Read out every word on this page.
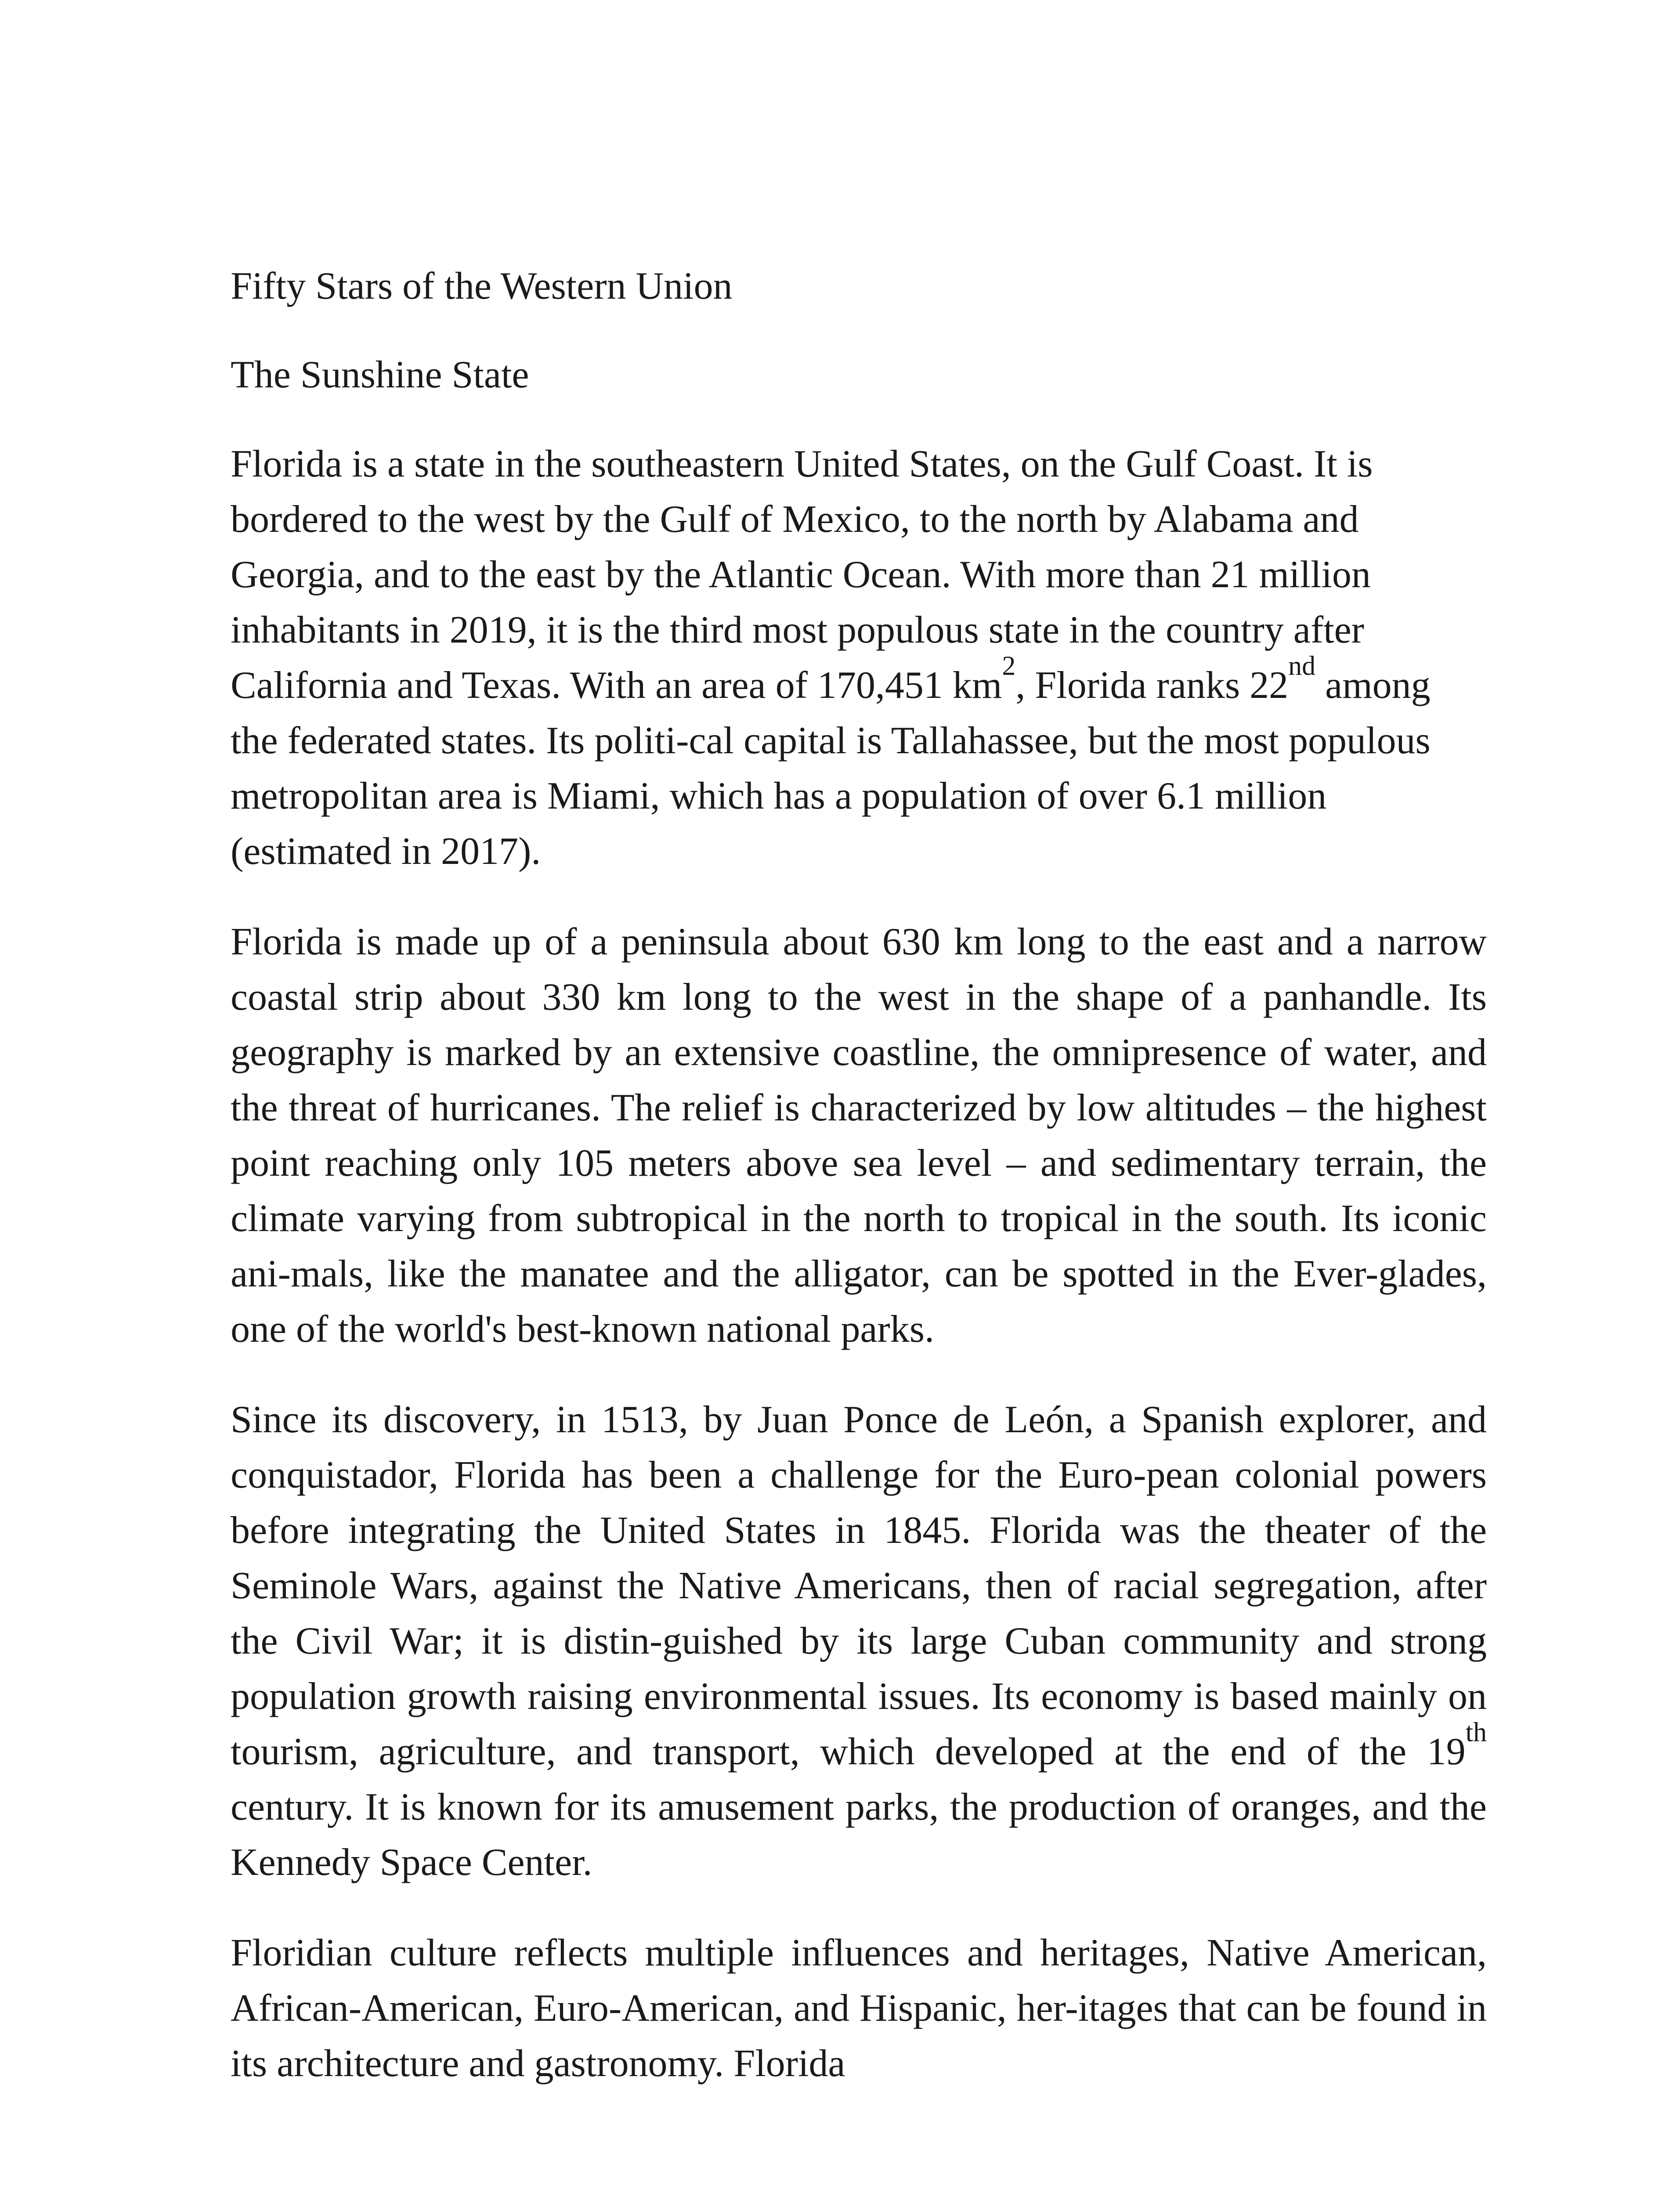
Fifty Stars of the Western Union

The Sunshine State

Florida is a state in the southeastern United States, on the Gulf Coast. It is bordered to the west by the Gulf of Mexico, to the north by Alabama and Georgia, and to the east by the Atlantic Ocean. With more than 21 million inhabitants in 2019, it is the third most populous state in the country after California and Texas. With an area of 170,451 $km^2$, Florida ranks 22nd among the federated states. Its politi-cal capital is Tallahassee, but the most populous metropolitan area is Miami, which has a population of over 6.1 million (estimated in 2017).

Florida is made up of a peninsula about 630 km long to the east and a narrow coastal strip about 330 km long to the west in the shape of a panhandle. Its geography is marked by an extensive coastline, the omnipresence of water, and the threat of hurricanes. The relief is characterized by low altitudes – the highest point reaching only 105 meters above sea level – and sedimentary terrain, the climate varying from subtropical in the north to tropical in the south. Its iconic ani-mals, like the manatee and the alligator, can be spotted in the Ever-glades, one of the world's best-known national parks.

Since its discovery, in 1513, by Juan Ponce de León, a Spanish explorer, and conquistador, Florida has been a challenge for the Euro-pean colonial powers before integrating the United States in 1845. Florida was the theater of the Seminole Wars, against the Native Americans, then of racial segregation, after the Civil War; it is distin-guished by its large Cuban community and strong population growth raising environmental issues. Its economy is based mainly on tourism, agriculture, and transport, which developed at the end of the 19th century. It is known for its amusement parks, the production of oranges, and the Kennedy Space Center.

Floridian culture reflects multiple influences and heritages, Native American, African-American, Euro-American, and Hispanic, her-itages that can be found in its architecture and gastronomy. Florida
